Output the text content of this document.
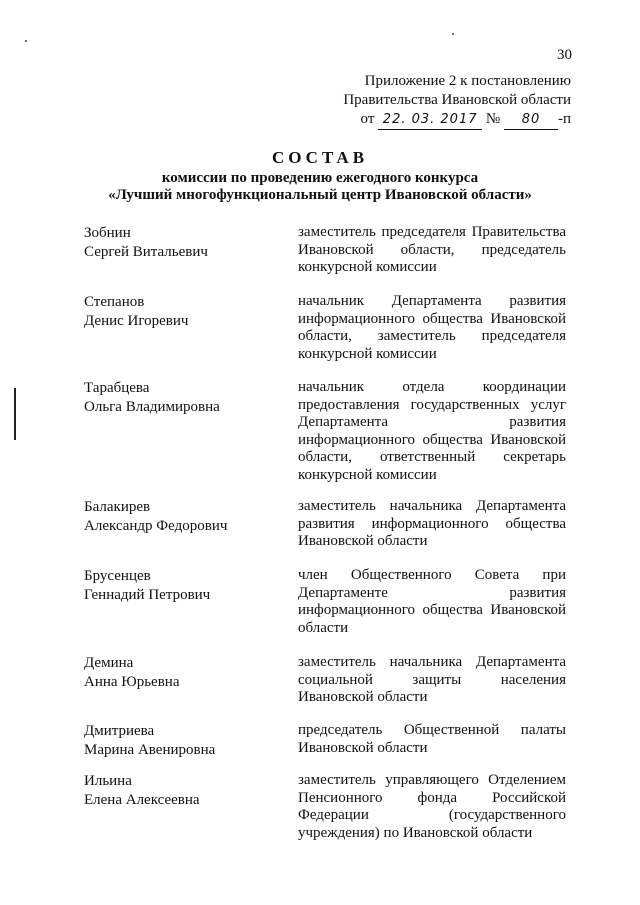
30
Приложение 2 к постановлению
Правительства Ивановской области
от 22. 03. 2017 № 80 -п
СОСТАВ
комиссии по проведению ежегодного конкурса
«Лучший многофункциональный центр Ивановской области»
Зобнин
Сергей Витальевич
заместитель председателя Правительства Ивановской области, председатель конкурсной комиссии
Степанов
Денис Игоревич
начальник Департамента развития информационного общества Ивановской области, заместитель председателя конкурсной комиссии
Тарабцева
Ольга Владимировна
начальник отдела координации предоставления государственных услуг Департамента развития информационного общества Ивановской области, ответственный секретарь конкурсной комиссии
Балакирев
Александр Федорович
заместитель начальника Департамента развития информационного общества Ивановской области
Брусенцев
Геннадий Петрович
член Общественного Совета при Департаменте развития информационного общества Ивановской области
Демина
Анна Юрьевна
заместитель начальника Департамента социальной защиты населения Ивановской области
Дмитриева
Марина Авенировна
председатель Общественной палаты Ивановской области
Ильина
Елена Алексеевна
заместитель управляющего Отделением Пенсионного фонда Российской Федерации (государственного учреждения) по Ивановской области
